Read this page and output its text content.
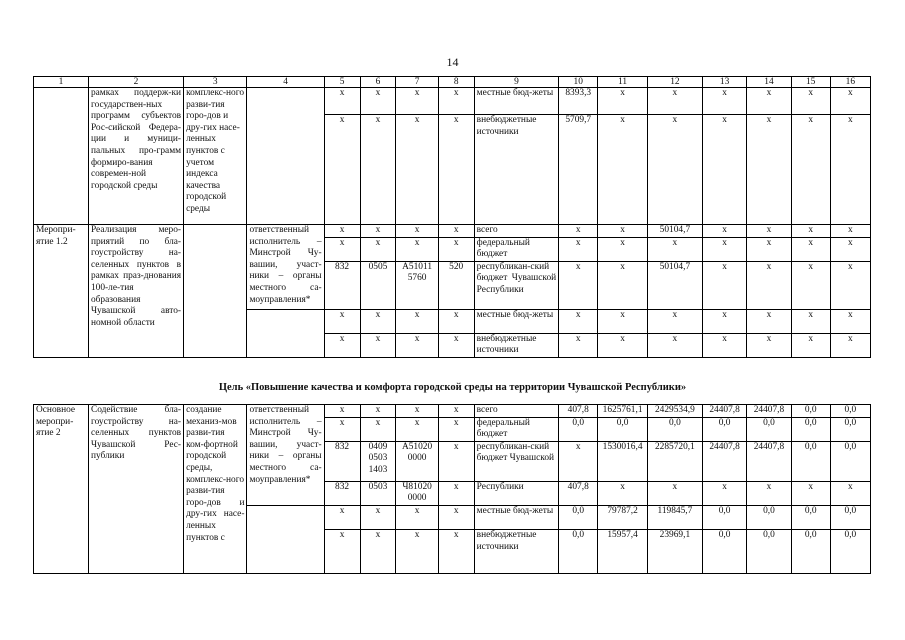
14
1	2	3	4	5	6	7	8	9	10	11	12	13	14	15	16
	рамках поддерж-ки государствен-ных программ субъектов Рос-сийской Федера-ции и муници-пальных про-грамм формиро-вания современ-ной городской среды	комплекс-ного разви-тия горо-дов и дру-гих насе-ленных пунктов с учетом индекса качества городской среды		x	x	x	x	местные бюд-жеты	8393,3	x	x	x	x	x	x
				x	x	x	x	внебюджетные источники	5709,7	x	x	x	x	x	x
Меропри-ятие 1.2	Реализация меро-приятий по бла-гоустройству на-селенных пунктов в рамках праз-днования 100-ле-тия образования Чувашской авто-номной области		ответственный исполнитель – Минстрой Чу-вашии, участ-ники – органы местного са-моуправления*	x	x	x	x	всего	x	x	50104,7	x	x	x	x
				x	x	x	x	федеральный бюджет	x	x	x	x	x	x	x
				832	0505	A51011 5760	520	республикан-ский бюджет Чувашской Республики	x	x	50104,7	x	x	x	x
				x	x	x	x	местные бюд-жеты	x	x	x	x	x	x	x
				x	x	x	x	внебюджетные источники	x	x	x	x	x	x	x
Цель «Повышение качества и комфорта городской среды на территории Чувашской Республики»
Основное меропри-ятие 2	Содействие бла-гоустройству на-селенных пунктов Чувашской Рес-публики	создание механиз-мов разви-тия ком-фортной городской среды, комплекс-ного разви-тия горо-дов и дру-гих насе-ленных пунктов с	ответственный исполнитель – Минстрой Чу-вашии, участ-ники – органы местного са-моуправления*	x	x	x	x	всего	407,8	1625761,1	2429534,9	24407,8	24407,8	0,0	0,0
				x	x	x	x	федеральный бюджет	0,0	0,0	0,0	0,0	0,0	0,0	0,0
				832	0409 0503 1403	A51020 0000	x	республикан-ский бюджет Чувашской	x	1530016,4	2285720,1	24407,8	24407,8	0,0	0,0
				832	0503	Ч81020 0000	x	Республики	407,8	x	x	x	x	x	x
				x	x	x	x	местные бюд-жеты	0,0	79787,2	119845,7	0,0	0,0	0,0	0,0
				x	x	x	x	внебюджетные источники	0,0	15957,4	23969,1	0,0	0,0	0,0	0,0
